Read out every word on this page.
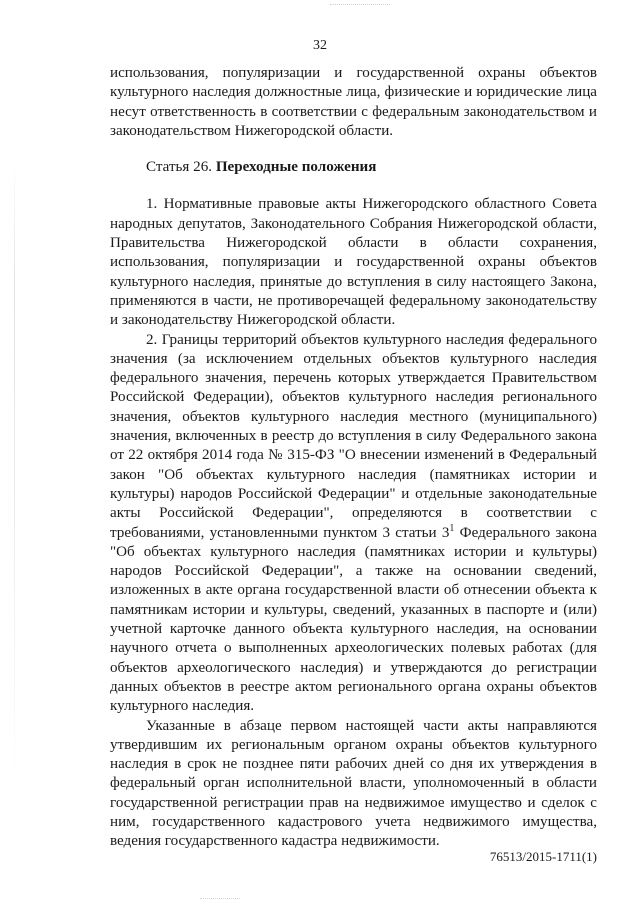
32

использования, популяризации и государственной охраны объектов культурного наследия должностные лица, физические и юридические лица несут ответственность в соответствии с федеральным законодательством и законодательством Нижегородской области.

Статья 26. Переходные положения

1. Нормативные правовые акты Нижегородского областного Совета народных депутатов, Законодательного Собрания Нижегородской области, Правительства Нижегородской области в области сохранения, использования, популяризации и государственной охраны объектов культурного наследия, принятые до вступления в силу настоящего Закона, применяются в части, не противоречащей федеральному законодательству и законодательству Нижегородской области.

2. Границы территорий объектов культурного наследия федерального значения (за исключением отдельных объектов культурного наследия федерального значения, перечень которых утверждается Правительством Российской Федерации), объектов культурного наследия регионального значения, объектов культурного наследия местного (муниципального) значения, включенных в реестр до вступления в силу Федерального закона от 22 октября 2014 года № 315-ФЗ "О внесении изменений в Федеральный закон "Об объектах культурного наследия (памятниках истории и культуры) народов Российской Федерации" и отдельные законодательные акты Российской Федерации", определяются в соответствии с требованиями, установленными пунктом 3 статьи $3^1$ Федерального закона "Об объектах культурного наследия (памятниках истории и культуры) народов Российской Федерации", а также на основании сведений, изложенных в акте органа государственной власти об отнесении объекта к памятникам истории и культуры, сведений, указанных в паспорте и (или) учетной карточке данного объекта культурного наследия, на основании научного отчета о выполненных археологических полевых работах (для объектов археологического наследия) и утверждаются до регистрации данных объектов в реестре актом регионального органа охраны объектов культурного наследия.

Указанные в абзаце первом настоящей части акты направляются утвердившим их региональным органом охраны объектов культурного наследия в срок не позднее пяти рабочих дней со дня их утверждения в федеральный орган исполнительной власти, уполномоченный в области государственной регистрации прав на недвижимое имущество и сделок с ним, государственного кадастрового учета недвижимого имущества, ведения государственного кадастра недвижимости.

76513/2015-1711(1)
